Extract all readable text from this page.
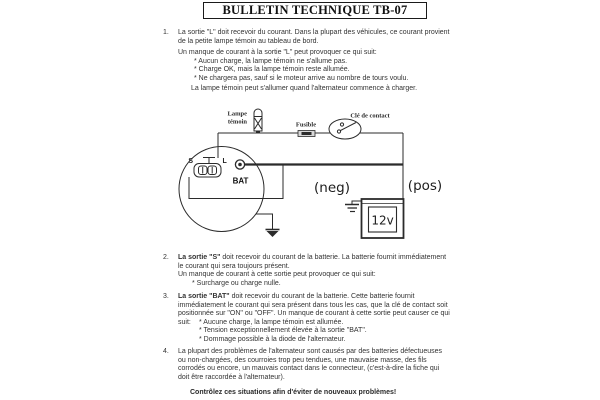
BULLETIN TECHNIQUE TB-07
1.	La sortie "L" doit recevoir du courant. Dans la plupart des véhicules, ce courant provient de la petite lampe témoin au tableau de bord.
Un manque de courant à la sortie "L" peut provoquer ce qui suit:
* Aucun charge, la lampe témoin ne s'allume pas.
* Charge OK, mais la lampe témoin reste allumée.
* Ne chargera pas, sauf si le moteur arrive au nombre de tours voulu.
La lampe témoin peut s'allumer quand l'alternateur commence à charger.
S	L
BAT
Lampe
témoin	Fusible
Clé de contact
12v
(neg)	(pos)
2.	La sortie "S" doit recevoir du courant de la batterie. La batterie fournit immédiatement le courant qui sera toujours présent.
Un manque de courant à cette sortie peut provoquer ce qui suit:
* Surcharge ou charge nulle.
3.	La sortie "BAT" doit recevoir du courant de la batterie. Cette batterie fournit immédiatement le courant qui sera présent dans tous les cas, que la clé de contact soit positionnée sur "ON" ou "OFF". Un manque de courant à cette sortie peut causer ce qui
suit:	* Aucune charge, la lampe témoin est allumée.
* Tension exceptionnellement élevée à la sortie "BAT".
* Dommage possible à la diode de l'alternateur.
4.	La plupart des problèmes de l'alternateur sont causés par des batteries défectueuses ou non-chargées, des courroies trop peu tendues, une mauvaise masse, des fils corrodés ou encore, un mauvais contact dans le connecteur, (c'est-à-dire la fiche qui doit être raccordée à l'alternateur).
Contrôlez ces situations afin d'éviter de nouveaux problèmes!
